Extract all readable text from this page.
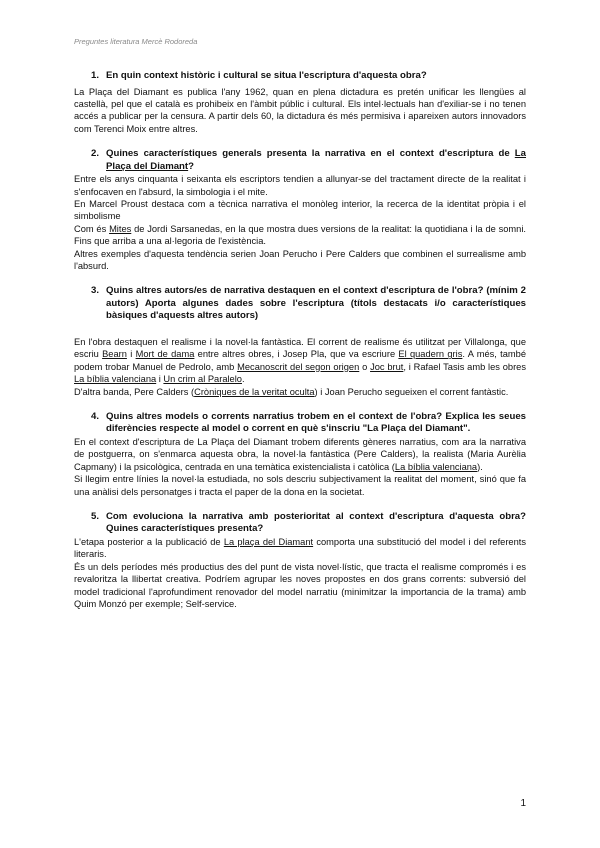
Preguntes literatura Mercè Rodoreda
1. En quin context històric i cultural se situa l'escriptura d'aquesta obra?

La Plaça del Diamant es publica l'any 1962, quan en plena dictadura es pretén unificar les llengües al castellà, pel que el català es prohibeix en l'àmbit públic i cultural. Els intel·lectuals han d'exiliar-se i no tenen accés a publicar per la censura. A partir dels 60, la dictadura és més permisiva i apareixen autors innovadors com Terenci Moix entre altres.

2. Quines característiques generals presenta la narrativa en el context d'escriptura de La Plaça del Diamant?

Entre els anys cinquanta i seixanta els escriptors tendien a allunyar-se del tractament directe de la realitat i s'enfocaven en l'absurd, la simbologia i el mite.

En Marcel Proust destaca com a tècnica narrativa el monòleg interior, la recerca de la identitat pròpia i el simbolisme

Com és Mites de Jordi Sarsanedas, en la que mostra dues versions de la realitat: la quotidiana i la de somni. Fins que arriba a una al·legoria de l'existència.

Altres exemples d'aquesta tendència serien Joan Perucho i Pere Calders que combinen el surrealisme amb l'absurd.

3. Quins altres autors/es de narrativa destaquen en el context d'escriptura de l'obra? (mínim 2 autors) Aporta algunes dades sobre l'escriptura (títols destacats i/o característiques bàsiques d'aquests altres autors)

En l'obra destaquen el realisme i la novel·la fantàstica. El corrent de realisme és utilitzat per Villalonga, que escriu Bearn i Mort de dama entre altres obres, i Josep Pla, que va escriure El quadern gris. A més, també podem trobar Manuel de Pedrolo, amb Mecanoscrit del segon origen o Joc brut, i Rafael Tasis amb les obres La bíblia valenciana i Un crim al Paralelo.

D'altra banda, Pere Calders (Cròniques de la veritat oculta) i Joan Perucho segueixen el corrent fantàstic.

4. Quins altres models o corrents narratius trobem en el context de l'obra? Explica les seues diferències respecte al model o corrent en què s'inscriu "La Plaça del Diamant".

En el context d'escriptura de La Plaça del Diamant trobem diferents gèneres narratius, com ara la narrativa de postguerra, on s'enmarca aquesta obra, la novel·la fantàstica (Pere Calders), la realista (Maria Aurèlia Capmany) i la psicològica, centrada en una temàtica existencialista i catòlica (La bíblia valenciana).

Si llegim entre línies la novel·la estudiada, no sols descriu subjectivament la realitat del moment, sinó que fa una anàlisi dels personatges i tracta el paper de la dona en la societat.

5. Com evoluciona la narrativa amb posterioritat al context d'escriptura d'aquesta obra? Quines característiques presenta?

L'etapa posterior a la publicació de La plaça del Diamant comporta una substitució del model i del referents literaris.

És un dels períodes més productius des del punt de vista novel·lístic, que tracta el realisme compromés i es revaloritza la llibertat creativa. Podríem agrupar les noves propostes en dos grans corrents: subversió del model tradicional l'aprofundiment renovador del model narratiu (minimitzar la importancia de la trama) amb Quim Monzó per exemple; Self-service.

1
